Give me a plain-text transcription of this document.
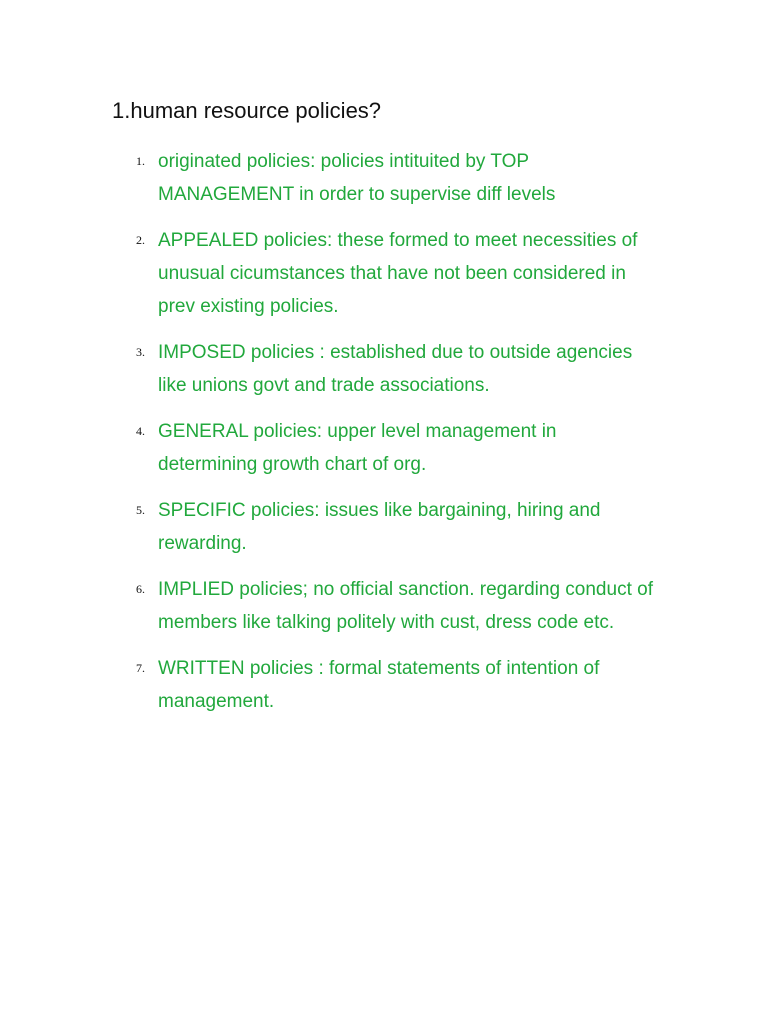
1.human resource policies?
1. originated policies: policies intituited by TOP MANAGEMENT in order to supervise diff levels
2. APPEALED policies: these formed to meet necessities of unusual cicumstances that have not been considered in prev existing policies.
3. IMPOSED policies : established due to outside agencies like unions govt and trade associations.
4. GENERAL policies: upper level management in determining growth chart of org.
5. SPECIFIC policies: issues like bargaining, hiring and rewarding.
6. IMPLIED policies; no official sanction. regarding conduct of members like talking politely with cust, dress code etc.
7. WRITTEN policies : formal statements of intention of management.
